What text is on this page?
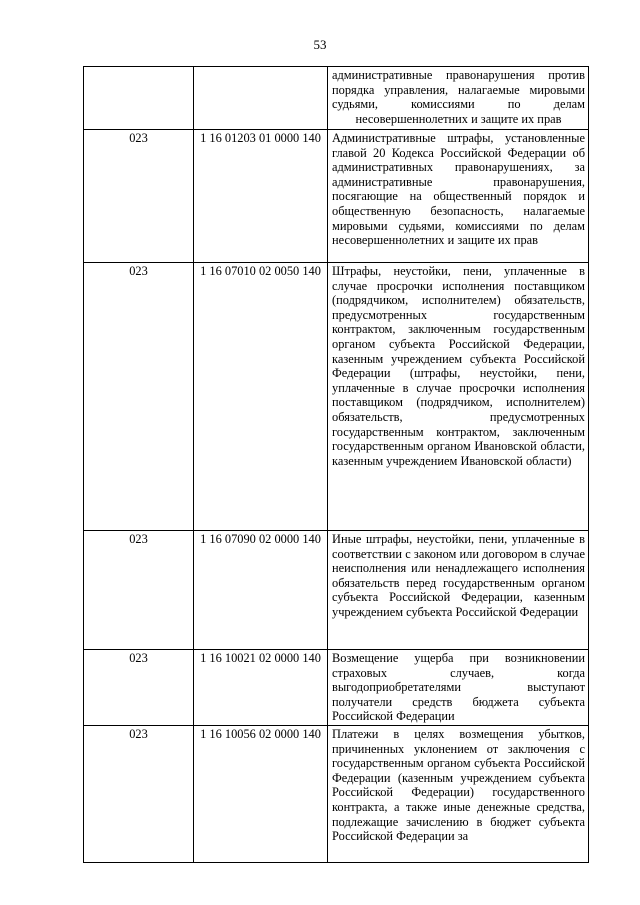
53
		административные правонарушения против порядка управления, налагаемые мировыми судьями, комиссиями по делам несовершеннолетних и защите их прав
023	1 16 01203 01 0000 140	Административные штрафы, установленные главой 20 Кодекса Российской Федерации об административных правонарушениях, за административные правонарушения, посягающие на общественный порядок и общественную безопасность, налагаемые мировыми судьями, комиссиями по делам несовершеннолетних и защите их прав
023	1 16 07010 02 0050 140	Штрафы, неустойки, пени, уплаченные в случае просрочки исполнения поставщиком (подрядчиком, исполнителем) обязательств, предусмотренных государственным контрактом, заключенным государственным органом субъекта Российской Федерации, казенным учреждением субъекта Российской Федерации (штрафы, неустойки, пени, уплаченные в случае просрочки исполнения поставщиком (подрядчиком, исполнителем) обязательств, предусмотренных государственным контрактом, заключенным государственным органом Ивановской области, казенным учреждением Ивановской области)
023	1 16 07090 02 0000 140	Иные штрафы, неустойки, пени, уплаченные в соответствии с законом или договором в случае неисполнения или ненадлежащего исполнения обязательств перед государственным органом субъекта Российской Федерации, казенным учреждением субъекта Российской Федерации
023	1 16 10021 02 0000 140	Возмещение ущерба при возникновении страховых случаев, когда выгодоприобретателями выступают получатели средств бюджета субъекта Российской Федерации
023	1 16 10056 02 0000 140	Платежи в целях возмещения убытков, причиненных уклонением от заключения с государственным органом субъекта Российской Федерации (казенным учреждением субъекта Российской Федерации) государственного контракта, а также иные денежные средства, подлежащие зачислению в бюджет субъекта Российской Федерации за
